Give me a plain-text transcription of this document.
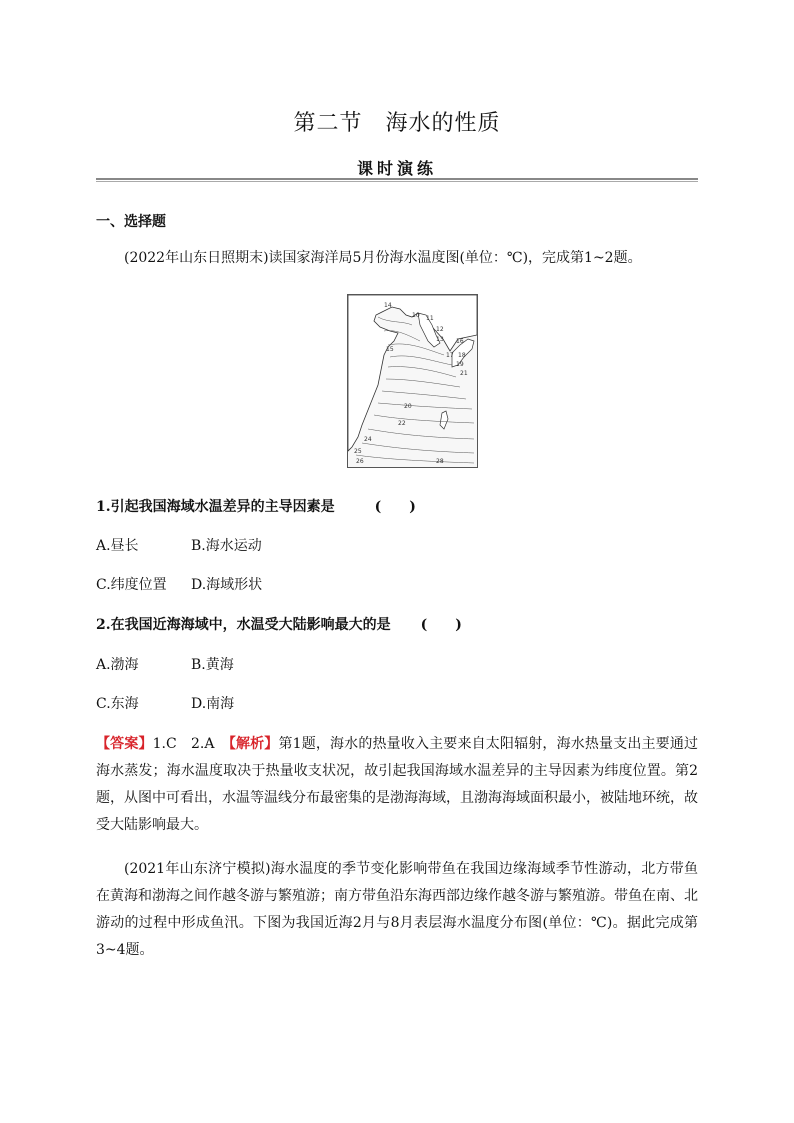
第二节　海水的性质
课时演练
一、选择题
(2022年山东日照期末)读国家海洋局5月份海水温度图(单位：℃)，完成第1~2题。
14
10 11
12
13
15
16
17 18
19
21
20
22
24
25
26	28
1.引起我国海域水温差异的主导因素是	(　　)
A.昼长	B.海水运动
C.纬度位置 D.海域形状
2.在我国近海海域中，水温受大陆影响最大的是 (　　)
A.渤海	B.黄海
C.东海	D.南海
【答案】1.C　2.A　【解析】第1题，海水的热量收入主要来自太阳辐射，海水热量支出主要通过海水蒸发；海水温度取决于热量收支状况，故引起我国海域水温差异的主导因素为纬度位置。第2题，从图中可看出，水温等温线分布最密集的是渤海海域，且渤海海域面积最小，被陆地环统，故受大陆影响最大。
(2021年山东济宁模拟)海水温度的季节变化影响带鱼在我国边缘海域季节性游动，北方带鱼在黄海和渤海之间作越冬游与繁殖游；南方带鱼沿东海西部边缘作越冬游与繁殖游。带鱼在南、北游动的过程中形成鱼汛。下图为我国近海2月与8月表层海水温度分布图(单位：℃)。据此完成第3~4题。
